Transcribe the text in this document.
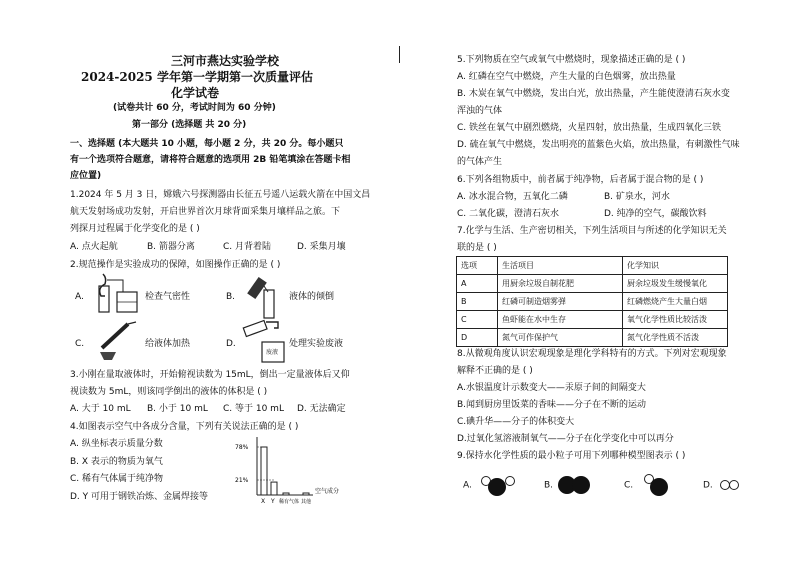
三河市燕达实验学校
2024-2025 学年第一学期第一次质量评估
化学试卷
(试卷共计 60 分，考试时间为 60 分钟)
第一部分 (选择题 共 20 分)
一、选择题 (本大题共 10 小题，每小题 2 分，共 20 分。每小题只
有一个选项符合题意，请将符合题意的选项用 2B 铅笔填涂在答题卡相
应位置)
1.2024 年 5 月 3 日，嫦娥六号探测器由长征五号遥八运载火箭在中国文昌
航天发射场成功发射，开启世界首次月球背面采集月壤样品之旅。下
列探月过程属于化学变化的是 ( )
A. 点火起航	B. 箭器分离	C. 月背着陆	D. 采集月壤
2.规范操作是实验成功的保障，如图操作正确的是 ( )
A.	检查气密性	B.	液体的倾倒
C.	给液体加热	D.
废液
处理实验废液
3.小刚在量取液体时，开始俯视读数为 15mL，倒出一定量液体后又仰
视读数为 5mL，则该同学倒出的液体的体积是 ( )
A. 大于 10 mL B. 小于 10 mL C. 等于 10 mL D. 无法确定
4.如图表示空气中各成分含量，下列有关说法正确的是 ( )
A. 纵坐标表示质量分数
B. X 表示的物质为氧气
C. 稀有气体属于纯净物
D. Y 可用于钢铁冶炼、金属焊接等
78%
21%
X Y 稀有气体 其他
空气成分
5.下列物质在空气或氧气中燃烧时，现象描述正确的是 ( )
A. 红磷在空气中燃烧，产生大量的白色烟雾，放出热量
B. 木炭在氧气中燃烧，发出白光，放出热量，产生能使澄清石灰水变
浑浊的气体
C. 铁丝在氧气中剧烈燃烧，火星四射，放出热量，生成四氧化三铁
D. 硫在氧气中燃烧，发出明亮的蓝紫色火焰，放出热量，有刺激性气味
的气体产生
6.下列各组物质中，前者属于纯净物，后者属于混合物的是 ( )
A. 冰水混合物，五氧化二磷	B. 矿泉水，河水
C. 二氧化碳，澄清石灰水	D. 纯净的空气，碳酸饮料
7.化学与生活、生产密切相关，下列生活项目与所述的化学知识无关
联的是 ( )
选项	生活项目	化学知识
A	用厨余垃圾自制花肥	厨余垃圾发生缓慢氧化
B	红磷可制造烟雾弹	红磷燃烧产生大量白烟
C	鱼虾能在水中生存	氧气化学性质比较活泼
D	氮气可作保护气	氮气化学性质不活泼
8.从微观角度认识宏观现象是理化学科特有的方式。下列对宏观现象
解释不正确的是 ( )
A.水银温度计示数变大——汞原子间的间隔变大
B.闻到厨房里饭菜的香味——分子在不断的运动
C.碘升华——分子的体积变大
D.过氧化氢溶液制氧气——分子在化学变化中可以再分
9.保持水化学性质的最小粒子可用下列哪种模型图表示 ( )
A.	B.	C.	D.
